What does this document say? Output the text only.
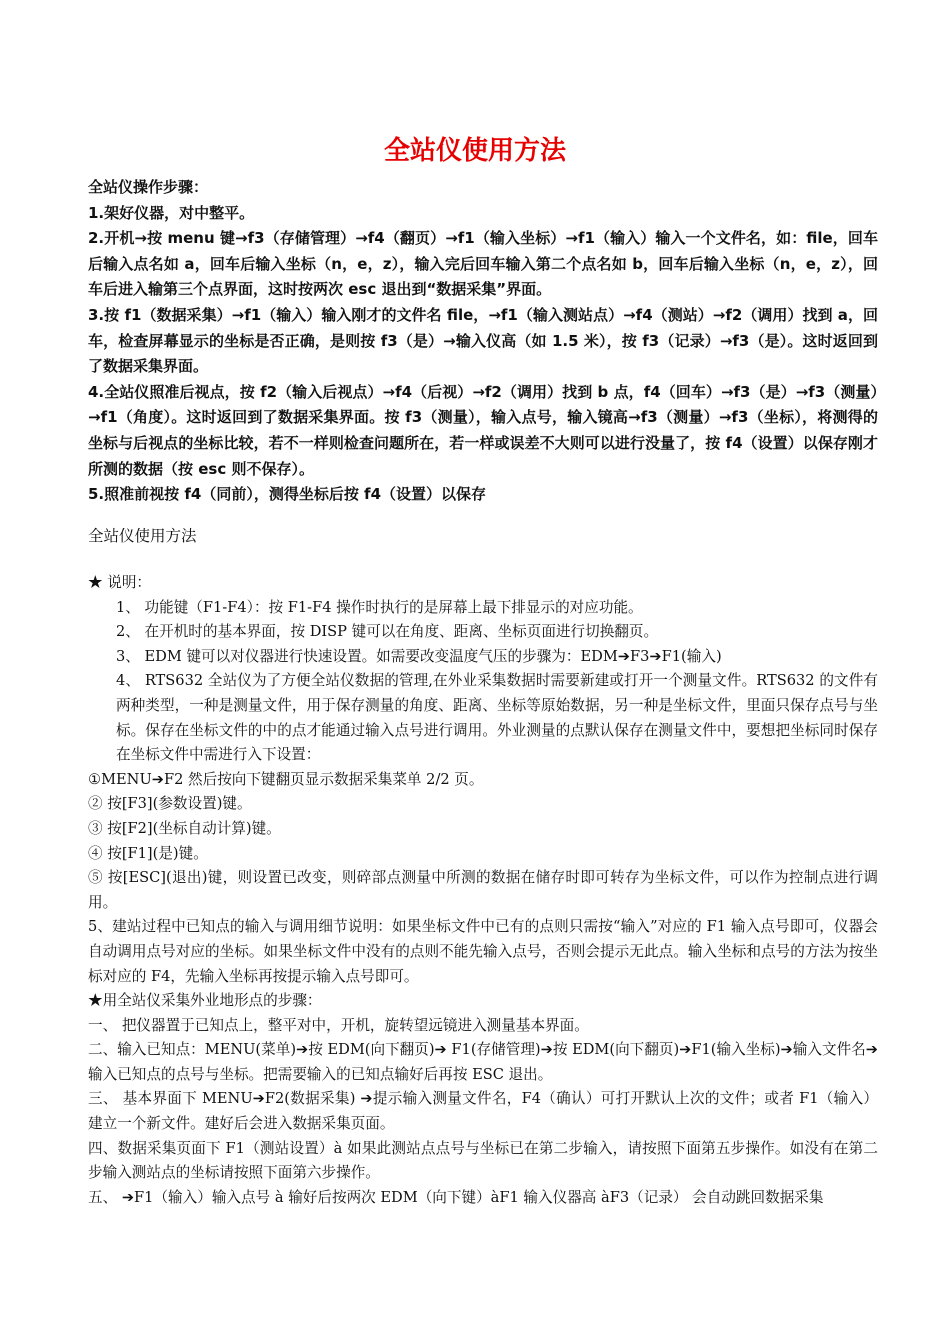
全站仪使用方法

全站仪操作步骤：

1.架好仪器，对中整平。

2.开机→按 menu 键→f3（存储管理）→f4（翻页）→f1（输入坐标）→f1（输入）输入一个文件名，如：file，回车后输入点名如 a，回车后输入坐标（n，e，z），输入完后回车输入第二个点名如 b，回车后输入坐标（n，e，z），回车后进入输第三个点界面，这时按两次 esc 退出到“数据采集”界面。

3.按 f1（数据采集）→f1（输入）输入刚才的文件名 file，→f1（输入测站点）→f4（测站）→f2（调用）找到 a，回车，检查屏幕显示的坐标是否正确，是则按 f3（是）→输入仪高（如 1.5 米），按 f3（记录）→f3（是）。这时返回到了数据采集界面。

4.全站仪照准后视点，按 f2（输入后视点）→f4（后视）→f2（调用）找到 b 点，f4（回车）→f3（是）→f3（测量）→f1（角度）。这时返回到了数据采集界面。按 f3（测量），输入点号，输入镜高→f3（测量）→f3（坐标），将测得的坐标与后视点的坐标比较，若不一样则检查问题所在，若一样或误差不大则可以进行没量了，按 f4（设置）以保存刚才所测的数据（按 esc 则不保存）。

5.照准前视按 f4（同前），测得坐标后按 f4（设置）以保存

全站仪使用方法

★ 说明：

1、 功能键（F1-F4）：按 F1-F4 操作时执行的是屏幕上最下排显示的对应功能。

2、 在开机时的基本界面，按 DISP 键可以在角度、距离、坐标页面进行切换翻页。

3、 EDM 键可以对仪器进行快速设置。如需要改变温度气压的步骤为：EDM➔F3➔F1(输入)

4、 RTS632 全站仪为了方便全站仪数据的管理,在外业采集数据时需要新建或打开一个测量文件。RTS632 的文件有两种类型，一种是测量文件，用于保存测量的角度、距离、坐标等原始数据，另一种是坐标文件，里面只保存点号与坐标。保存在坐标文件的中的点才能通过输入点号进行调用。外业测量的点默认保存在测量文件中，要想把坐标同时保存在坐标文件中需进行入下设置：

①MENU➔F2 然后按向下键翻页显示数据采集菜单 2/2 页。

② 按[F3](参数设置)键。

③ 按[F2](坐标自动计算)键。

④ 按[F1](是)键。

⑤ 按[ESC](退出)键，则设置已改变，则碎部点测量中所测的数据在储存时即可转存为坐标文件，可以作为控制点进行调用。

5、建站过程中已知点的输入与调用细节说明：如果坐标文件中已有的点则只需按“输入”对应的 F1 输入点号即可，仪器会自动调用点号对应的坐标。如果坐标文件中没有的点则不能先输入点号，否则会提示无此点。输入坐标和点号的方法为按坐标对应的 F4，先输入坐标再按提示输入点号即可。

★用全站仪采集外业地形点的步骤：

一、 把仪器置于已知点上，整平对中，开机，旋转望远镜进入测量基本界面。

二、输入已知点：MENU(菜单)➔按 EDM(向下翻页)➔ F1(存储管理)➔按 EDM(向下翻页)➔F1(输入坐标)➔输入文件名➔输入已知点的点号与坐标。把需要输入的已知点输好后再按 ESC 退出。

三、 基本界面下 MENU➔F2(数据采集) ➔提示输入测量文件名，F4（确认）可打开默认上次的文件；或者 F1（输入）建立一个新文件。建好后会进入数据采集页面。

四、数据采集页面下 F1（测站设置）à 如果此测站点点号与坐标已在第二步输入，请按照下面第五步操作。如没有在第二步输入测站点的坐标请按照下面第六步操作。

五、 ➔F1（输入）输入点号 à 输好后按两次 EDM（向下键）àF1 输入仪器高 àF3（记录） 会自动跳回数据采集
